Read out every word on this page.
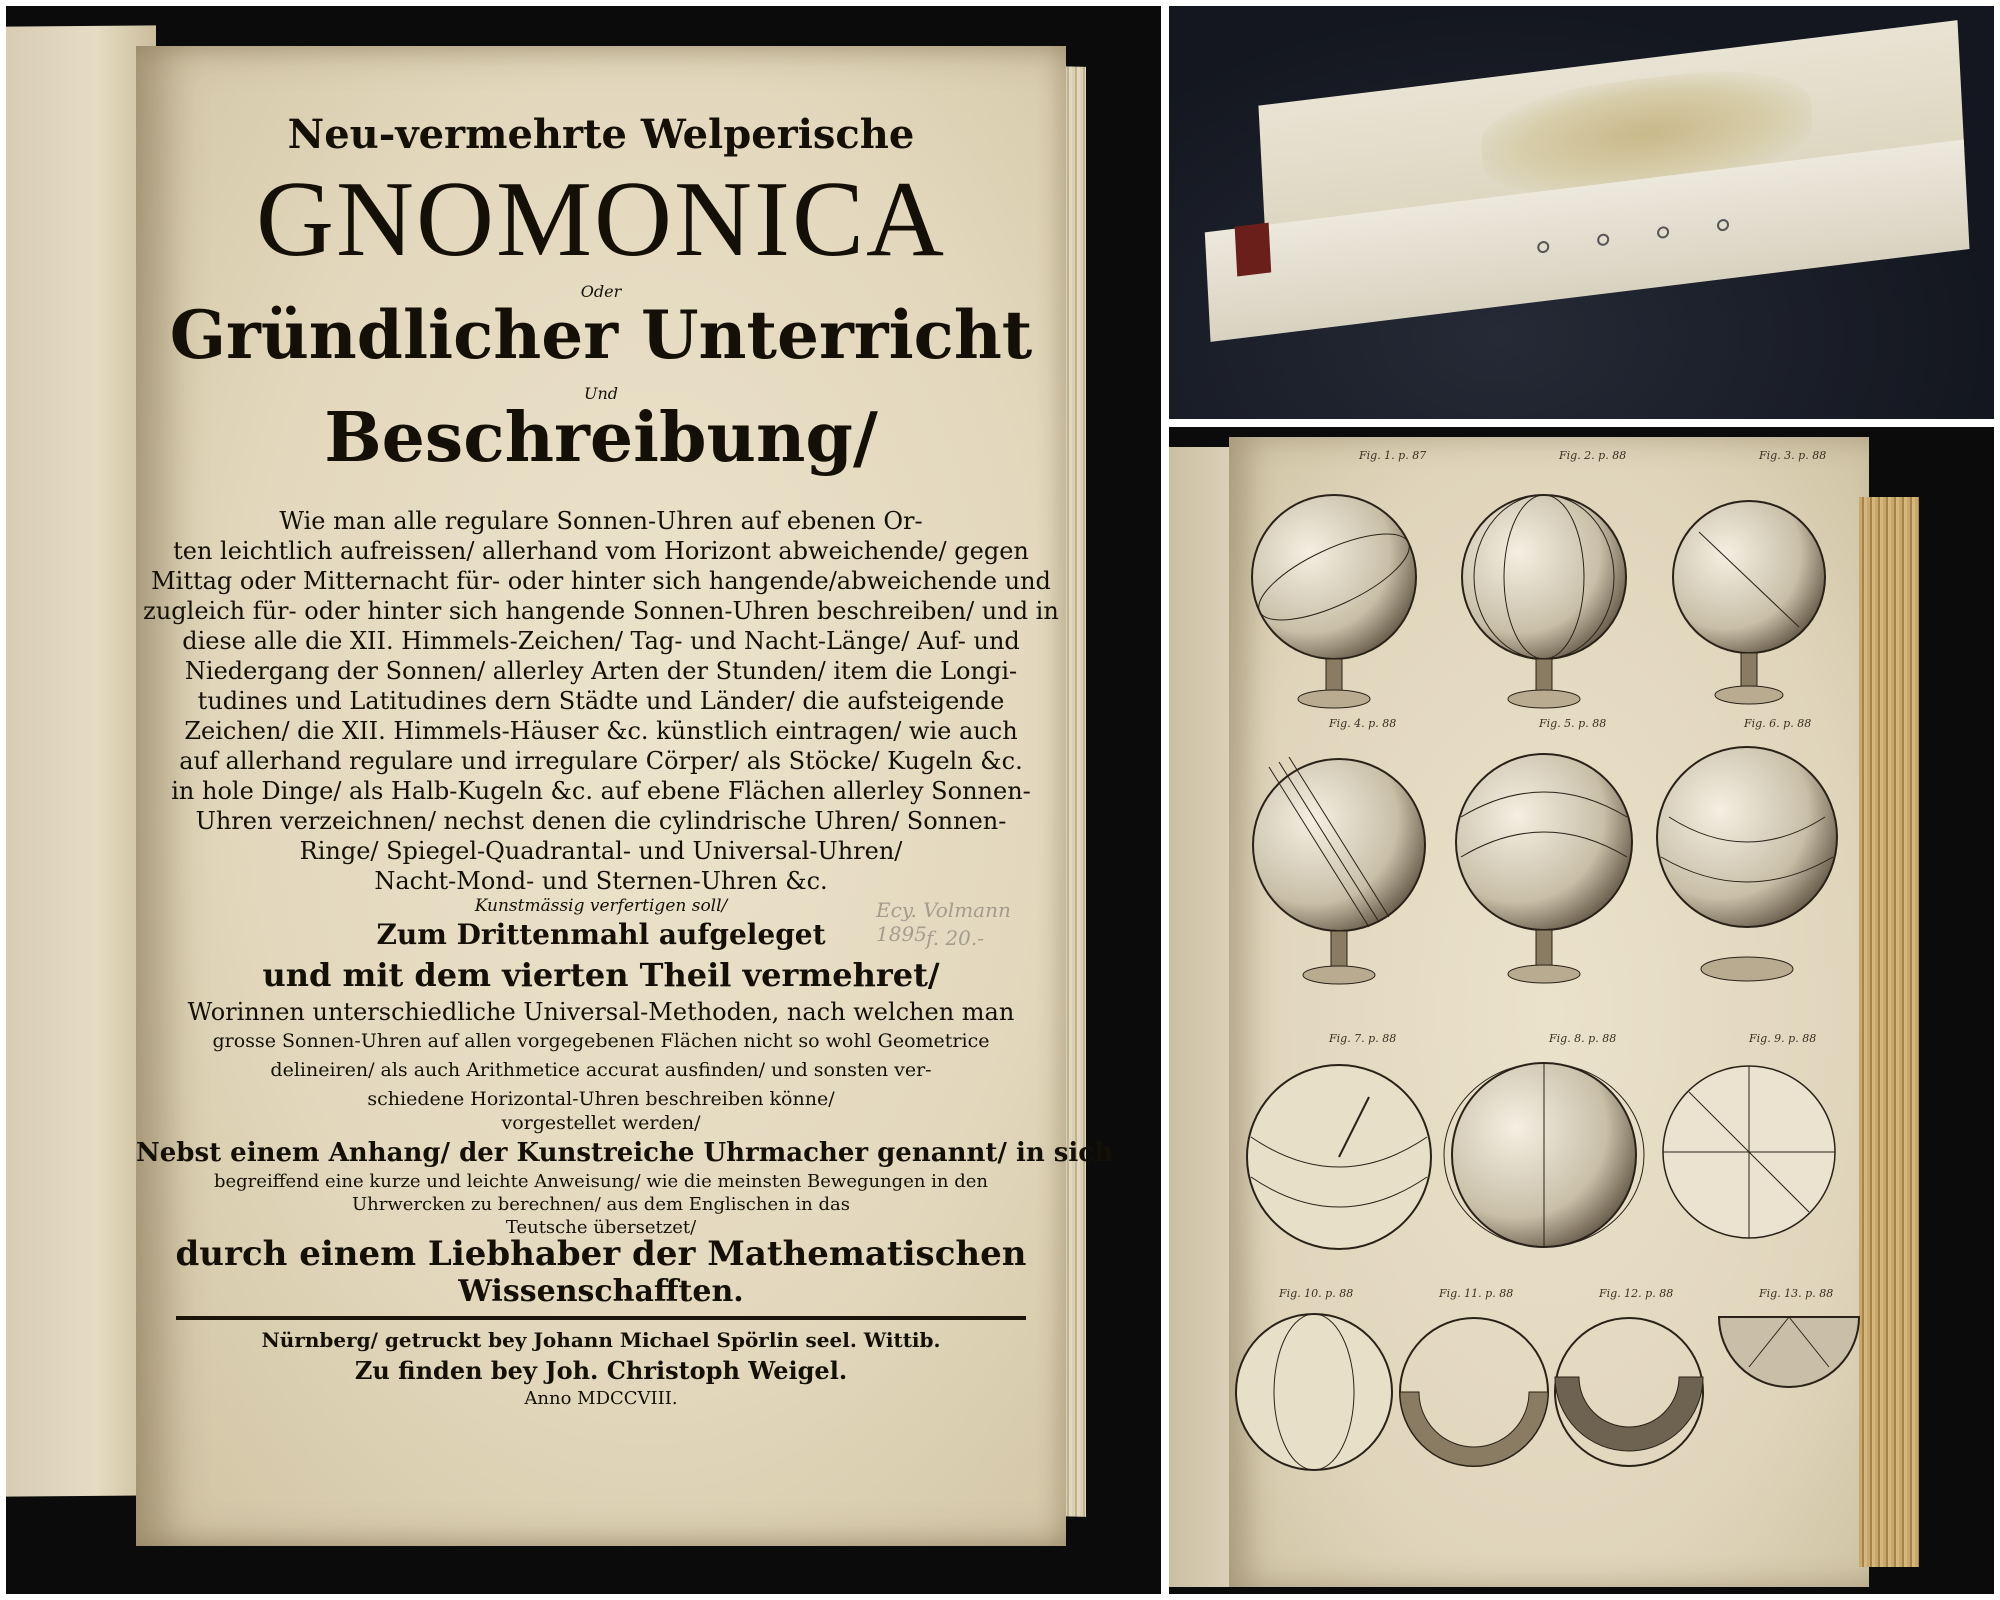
Neu-vermehrte Welperische
GNOMONICA
Oder
Gründlicher Unterricht
Und
Beschreibung/
Wie man alle regulare Sonnen-Uhren auf ebenen Or-
ten leichtlich aufreissen/ allerhand vom Horizont abweichende/ gegen
Mittag oder Mitternacht für- oder hinter sich hangende/abweichende und
zugleich für- oder hinter sich hangende Sonnen-Uhren beschreiben/ und in
diese alle die XII. Himmels-Zeichen/ Tag- und Nacht-Länge/ Auf- und
Niedergang der Sonnen/ allerley Arten der Stunden/ item die Longi-
tudines und Latitudines dern Städte und Länder/ die aufsteigende
Zeichen/ die XII. Himmels-Häuser &c. künstlich eintragen/ wie auch
auf allerhand regulare und irregulare Cörper/ als Stöcke/ Kugeln &c.
in hole Dinge/ als Halb-Kugeln &c. auf ebene Flächen allerley Sonnen-
Uhren verzeichnen/ nechst denen die cylindrische Uhren/ Sonnen-
Ringe/ Spiegel-Quadrantal- und Universal-Uhren/
Nacht-Mond- und Sternen-Uhren &c.
Kunstmässig verfertigen soll/
Zum Drittenmahl aufgeleget
und mit dem vierten Theil vermehret/
Worinnen unterschiedliche Universal-Methoden, nach welchen man
grosse Sonnen-Uhren auf allen vorgegebenen Flächen nicht so wohl Geometrice
delineiren/ als auch Arithmetice accurat ausfinden/ und sonsten ver-
schiedene Horizontal-Uhren beschreiben könne/
vorgestellet werden/
Nebst einem Anhang/ der Kunstreiche Uhrmacher genannt/ in sich
begreiffend eine kurze und leichte Anweisung/ wie die meinsten Bewegungen in den
Uhrwercken zu berechnen/ aus dem Englischen in das
Teutsche übersetzet/
durch einem Liebhaber der Mathematischen
Wissenschafften.
Nürnberg/ getruckt bey Johann Michael Spörlin seel. Wittib.
Zu finden bey Joh. Christoph Weigel.
Anno MDCCVIII.
Ecy. Volmann 1895 f. 20.-
Fig. 1. p. 87	Fig. 2. p. 88	Fig. 3. p. 88
Fig. 4. p. 88	Fig. 5. p. 88	Fig. 6. p. 88
Fig. 7. p. 88	Fig. 8. p. 88	Fig. 9. p. 88
Fig. 10. p. 88	Fig. 11. p. 88	Fig. 12. p. 88	Fig. 13. p. 88
